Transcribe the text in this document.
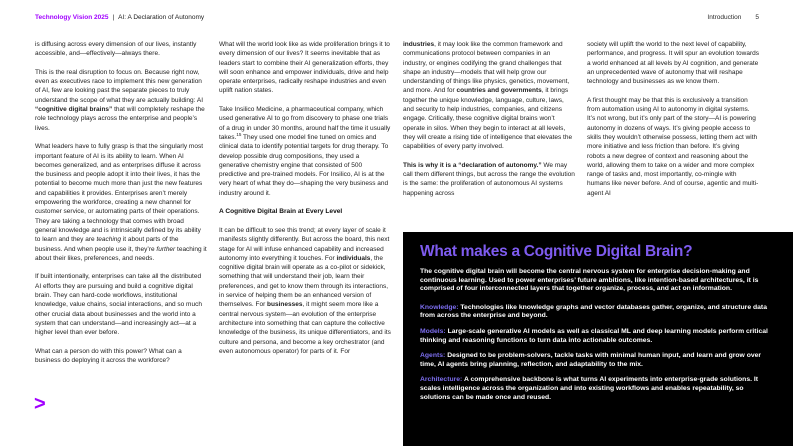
Technology Vision 2025 | AI: A Declaration of Autonomy	Introduction 5

is diffusing across every dimension of our lives, instantly accessible, and—effectively—always there.

This is the real disruption to focus on. Because right now, even as executives race to implement this new generation of AI, few are looking past the separate pieces to truly understand the scope of what they are actually building: AI “cognitive digital brains” that will completely reshape the role technology plays across the enterprise and people’s lives.

What leaders have to fully grasp is that the singularly most important feature of AI is its ability to learn. When AI becomes generalized, and as enterprises diffuse it across the business and people adopt it into their lives, it has the potential to become much more than just the new features and capabilities it provides. Enterprises aren’t merely empowering the workforce, creating a new channel for customer service, or automating parts of their operations. They are taking a technology that comes with broad general knowledge and is intrinsically defined by its ability to learn and they are teaching it about parts of the business. And when people use it, they’re further teaching it about their likes, preferences, and needs.

If built intentionally, enterprises can take all the distributed AI efforts they are pursuing and build a cognitive digital brain. They can hard-code workflows, institutional knowledge, value chains, social interactions, and so much other crucial data about businesses and the world into a system that can understand—and increasingly act—at a higher level than ever before.

What can a person do with this power? What can a business do deploying it across the workforce?

What will the world look like as wide proliferation brings it to every dimension of our lives? It seems inevitable that as leaders start to combine their AI generalization efforts, they will soon enhance and empower individuals, drive and help operate enterprises, radically reshape industries and even uplift nation states.

Take Insilico Medicine, a pharmaceutical company, which used generative AI to go from discovery to phase one trials of a drug in under 30 months, around half the time it usually takes.$^{15}$ They used one model fine tuned on omics and clinical data to identify potential targets for drug therapy. To develop possible drug compositions, they used a generative chemistry engine that consisted of 500 predictive and pre-trained models. For Insilico, AI is at the very heart of what they do—shaping the very business and industry around it.

A Cognitive Digital Brain at Every Level

It can be difficult to see this trend; at every layer of scale it manifests slightly differently. But across the board, this next stage for AI will infuse enhanced capability and increased autonomy into everything it touches. For individuals, the cognitive digital brain will operate as a co-pilot or sidekick, something that will understand their job, learn their preferences, and get to know them through its interactions, in service of helping them be an enhanced version of themselves. For businesses, it might seem more like a central nervous system—an evolution of the enterprise architecture into something that can capture the collective knowledge of the business, its unique differentiators, and its culture and persona, and become a key orchestrator (and even autonomous operator) for parts of it. For

industries, it may look like the common framework and communications protocol between companies in an industry, or engines codifying the grand challenges that shape an industry—models that will help grow our understanding of things like physics, genetics, movement, and more. And for countries and governments, it brings together the unique knowledge, language, culture, laws, and security to help industries, companies, and citizens engage. Critically, these cognitive digital brains won’t operate in silos. When they begin to interact at all levels, they will create a rising tide of intelligence that elevates the capabilities of every party involved.

This is why it is a “declaration of autonomy.” We may call them different things, but across the range the evolution is the same: the proliferation of autonomous AI systems happening across

society will uplift the world to the next level of capability, performance, and progress. It will spur an evolution towards a world enhanced at all levels by AI cognition, and generate an unprecedented wave of autonomy that will reshape technology and businesses as we know them.

A first thought may be that this is exclusively a transition from automation using AI to autonomy in digital systems. It’s not wrong, but it’s only part of the story—AI is powering autonomy in dozens of ways. It’s giving people access to skills they wouldn’t otherwise possess, letting them act with more initiative and less friction than before. It’s giving robots a new degree of context and reasoning about the world, allowing them to take on a wider and more complex range of tasks and, most importantly, co-mingle with humans like never before. And of course, agentic and multi-agent AI

What makes a Cognitive Digital Brain?

The cognitive digital brain will become the central nervous system for enterprise decision-making and continuous learning. Used to power enterprises’ future ambitions, like intention-based architectures, it is comprised of four interconnected layers that together organize, process, and act on information.

Knowledge: Technologies like knowledge graphs and vector databases gather, organize, and structure data from across the enterprise and beyond.

Models: Large-scale generative AI models as well as classical ML and deep learning models perform critical thinking and reasoning functions to turn data into actionable outcomes.

Agents: Designed to be problem-solvers, tackle tasks with minimal human input, and learn and grow over time, AI agents bring planning, reflection, and adaptability to the mix.

Architecture: A comprehensive backbone is what turns AI experiments into enterprise-grade solutions. It scales intelligence across the organization and into existing workflows and enables repeatability, so solutions can be made once and reused.

>
